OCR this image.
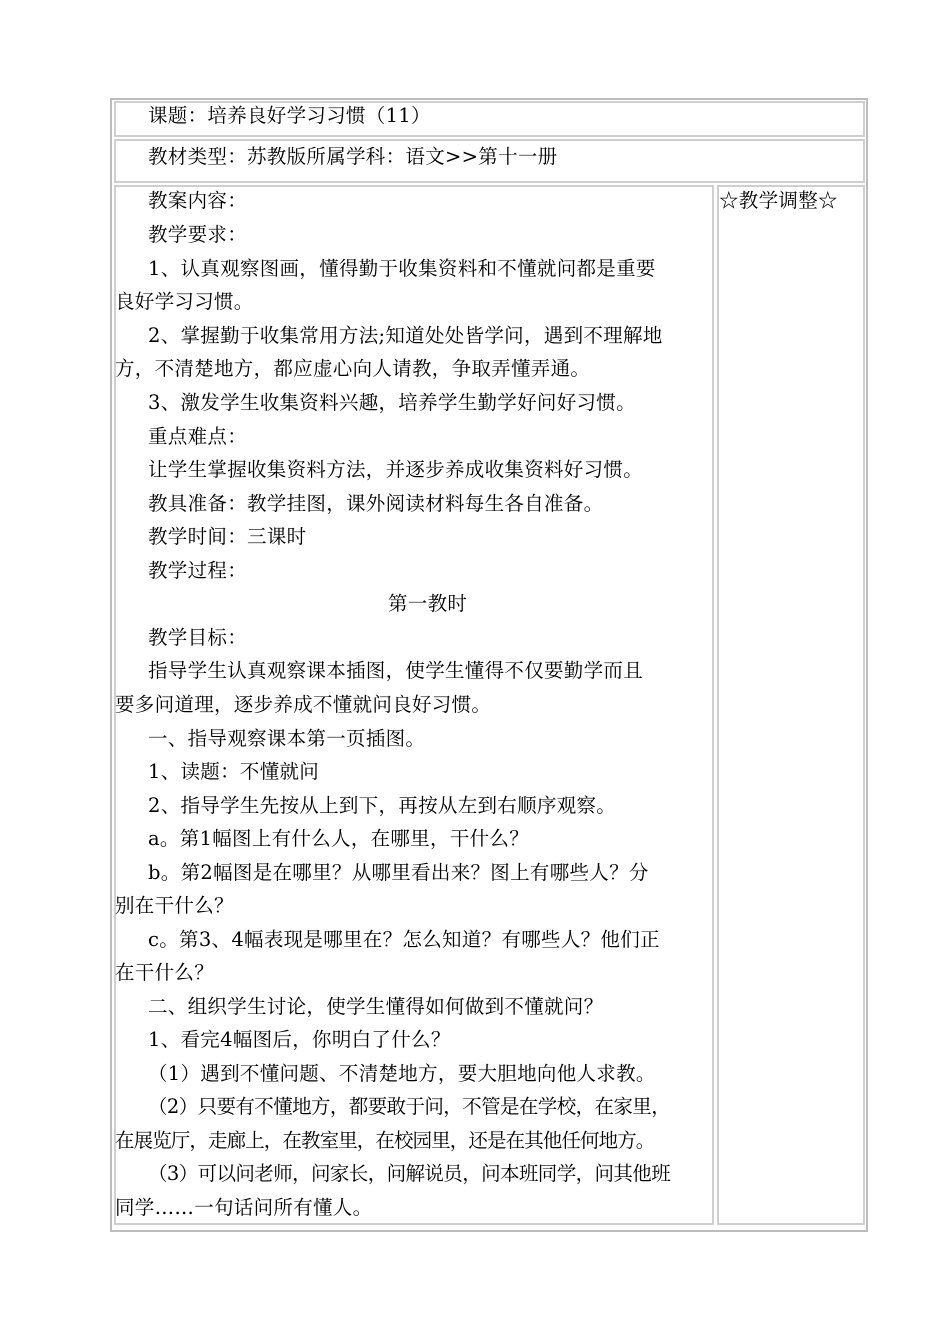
课题：培养良好学习习惯（11）
教材类型：苏教版所属学科：语文>>第十一册
☆教学调整☆
教案内容：
教学要求：
1、认真观察图画，懂得勤于收集资料和不懂就问都是重要
良好学习习惯。
2、掌握勤于收集常用方法;知道处处皆学问，遇到不理解地
方，不清楚地方，都应虚心向人请教，争取弄懂弄通。
3、激发学生收集资料兴趣，培养学生勤学好问好习惯。
重点难点：
让学生掌握收集资料方法，并逐步养成收集资料好习惯。
教具准备：教学挂图，课外阅读材料每生各自准备。
教学时间：三课时
教学过程：
第一教时
教学目标：
指导学生认真观察课本插图，使学生懂得不仅要勤学而且
要多问道理，逐步养成不懂就问良好习惯。
一、指导观察课本第一页插图。
1、读题：不懂就问
2、指导学生先按从上到下，再按从左到右顺序观察。
a。第1幅图上有什么人，在哪里，干什么？
b。第2幅图是在哪里？从哪里看出来？图上有哪些人？分
别在干什么？
c。第3、4幅表现是哪里在？怎么知道？有哪些人？他们正
在干什么？
二、组织学生讨论，使学生懂得如何做到不懂就问？
1、看完4幅图后，你明白了什么？
（1）遇到不懂问题、不清楚地方，要大胆地向他人求教。
（2）只要有不懂地方，都要敢于问，不管是在学校，在家里，
在展览厅，走廊上，在教室里，在校园里，还是在其他任何地方。
（3）可以问老师，问家长，问解说员，问本班同学，问其他班
同学……一句话问所有懂人。
